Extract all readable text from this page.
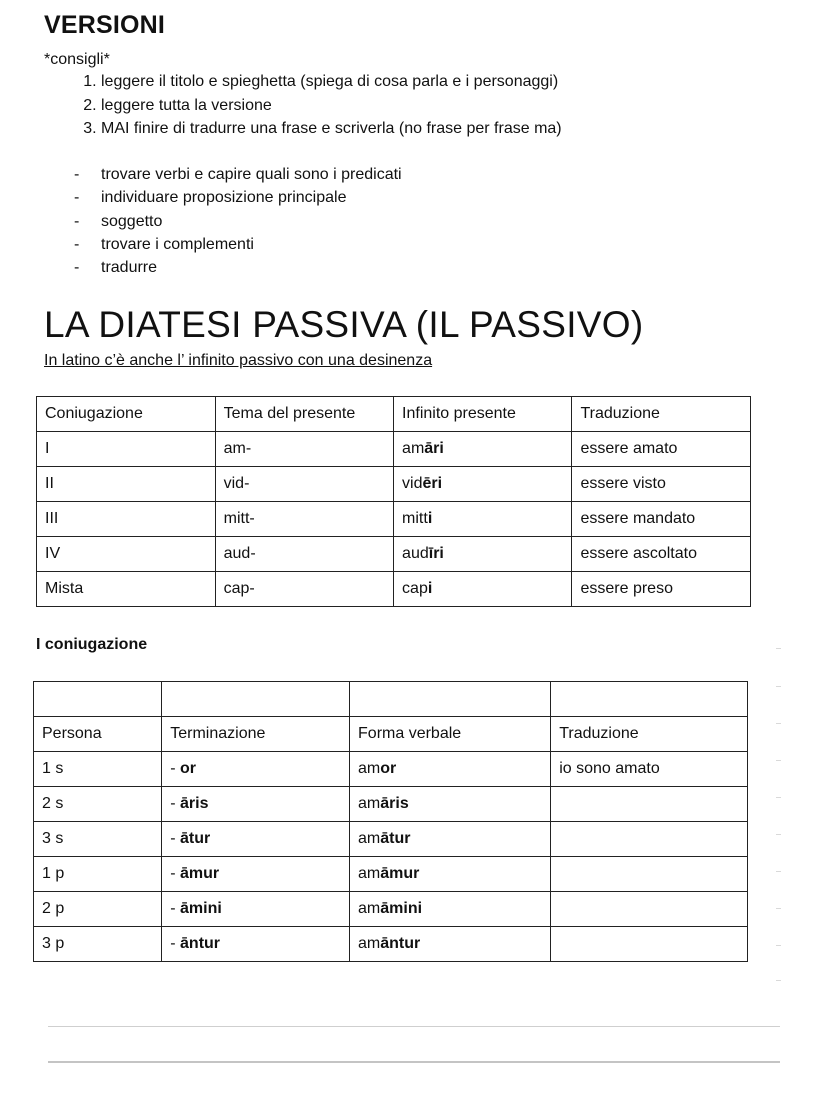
VERSIONI
*consigli*
1. leggere il titolo e spieghetta (spiega di cosa parla e i personaggi)
2. leggere tutta la versione
3. MAI finire di tradurre una frase e scriverla (no frase per frase ma)
- trovare verbi e capire quali sono i predicati
- individuare proposizione principale
- soggetto
- trovare i complementi
- tradurre
LA DIATESI PASSIVA (IL PASSIVO)
In latino c’è anche l’ infinito passivo con una desinenza
Coniugazione	Tema del presente	Infinito presente	Traduzione
I	am-	amāri	essere amato
II	vid-	vidēri	essere visto
III	mitt-	mitti	essere mandato
IV	aud-	audīri	essere ascoltato
Mista	cap-	capi	essere preso
I coniugazione

Persona	Terminazione	Forma verbale	Traduzione
1 s	- or	amor	io sono amato
2 s	- āris	amāris	
3 s	- ātur	amātur	
1 p	- āmur	amāmur	
2 p	- āmini	amāmini	
3 p	- āntur	amāntur	
